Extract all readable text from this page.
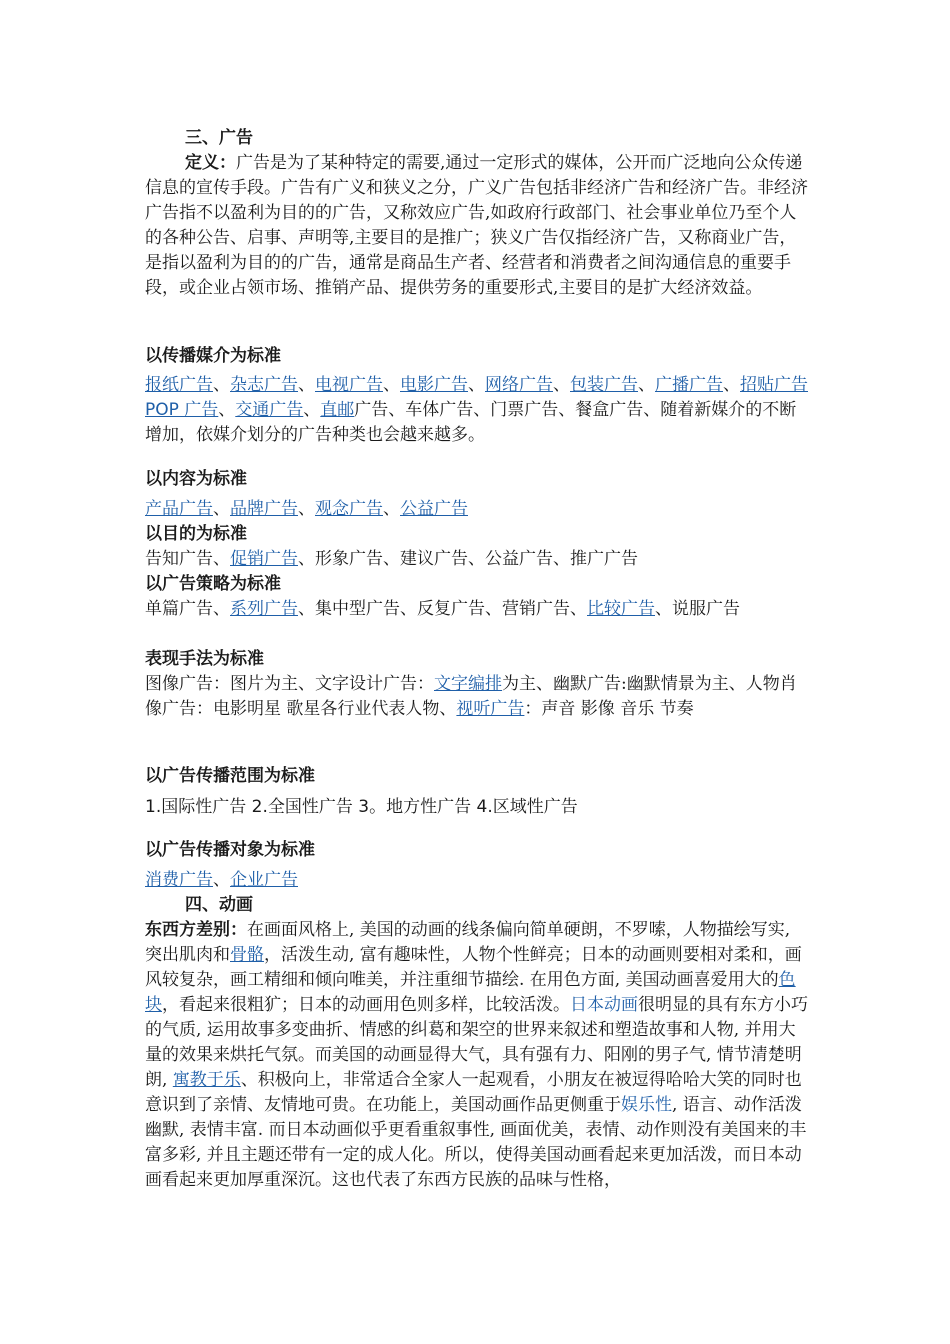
三、广告
定义：广告是为了某种特定的需要,通过一定形式的媒体，公开而广泛地向公众传递信息的宣传手段。广告有广义和狭义之分，广义广告包括非经济广告和经济广告。非经济广告指不以盈利为目的的广告，又称效应广告,如政府行政部门、社会事业单位乃至个人的各种公告、启事、声明等,主要目的是推广；狭义广告仅指经济广告，又称商业广告，是指以盈利为目的的广告，通常是商品生产者、经营者和消费者之间沟通信息的重要手段，或企业占领市场、推销产品、提供劳务的重要形式,主要目的是扩大经济效益。
以传播媒介为标准
报纸广告、杂志广告、电视广告、电影广告、网络广告、包装广告、广播广告、招贴广告 POP 广告、交通广告、直邮广告、车体广告、门票广告、餐盒广告、随着新媒介的不断增加，依媒介划分的广告种类也会越来越多。
以内容为标准
产品广告、品牌广告、观念广告、公益广告
以目的为标准
告知广告、促销广告、形象广告、建议广告、公益广告、推广广告
以广告策略为标准
单篇广告、系列广告、集中型广告、反复广告、营销广告、比较广告、说服广告
表现手法为标准
图像广告：图片为主、文字设计广告：文字编排为主、幽默广告:幽默情景为主、人物肖像广告：电影明星 歌星各行业代表人物、视听广告：声音 影像 音乐 节奏
以广告传播范围为标准
1.国际性广告 2.全国性广告 3。地方性广告 4.区域性广告
以广告传播对象为标准
消费广告、企业广告
四、动画
东西方差别：在画面风格上, 美国的动画的线条偏向简单硬朗，不罗嗦，人物描绘写实, 突出肌肉和骨骼，活泼生动, 富有趣味性，人物个性鲜亮；日本的动画则要相对柔和，画风较复杂，画工精细和倾向唯美，并注重细节描绘. 在用色方面, 美国动画喜爱用大的色块，看起来很粗犷；日本的动画用色则多样，比较活泼。日本动画很明显的具有东方小巧的气质, 运用故事多变曲折、情感的纠葛和架空的世界来叙述和塑造故事和人物, 并用大量的效果来烘托气氛。而美国的动画显得大气，具有强有力、阳刚的男子气, 情节清楚明朗, 寓教于乐、积极向上，非常适合全家人一起观看，小朋友在被逗得哈哈大笑的同时也意识到了亲情、友情地可贵。在功能上，美国动画作品更侧重于娱乐性, 语言、动作活泼幽默, 表情丰富. 而日本动画似乎更看重叙事性, 画面优美，表情、动作则没有美国来的丰富多彩, 并且主题还带有一定的成人化。所以，使得美国动画看起来更加活泼，而日本动画看起来更加厚重深沉。这也代表了东西方民族的品味与性格，
